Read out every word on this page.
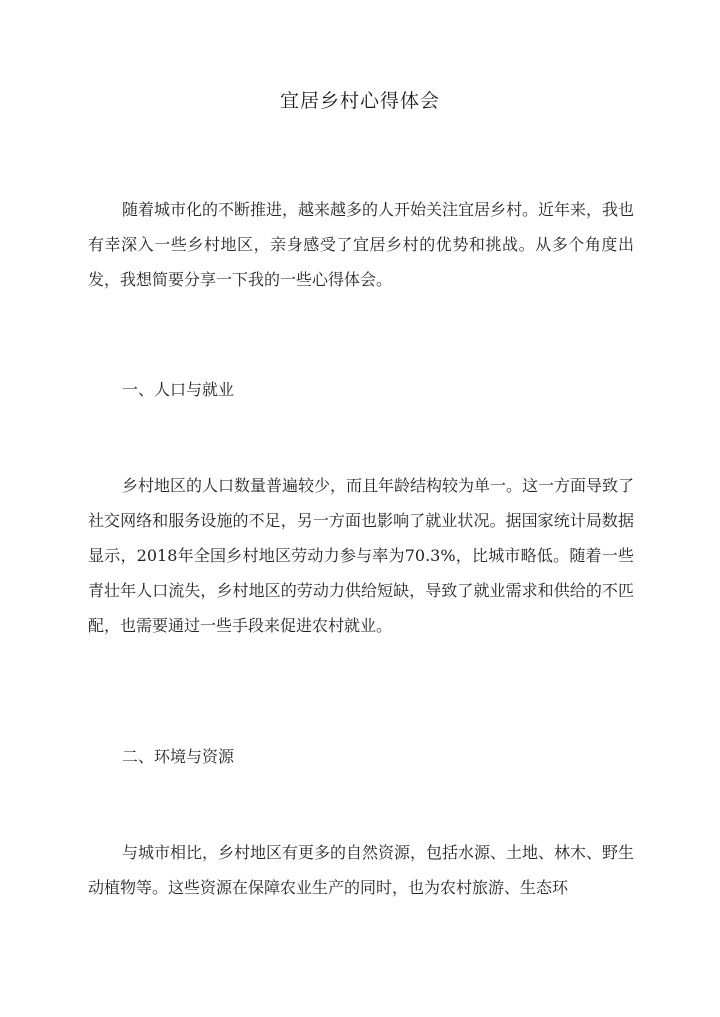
宜居乡村心得体会

随着城市化的不断推进，越来越多的人开始关注宜居乡村。近年来，我也有幸深入一些乡村地区，亲身感受了宜居乡村的优势和挑战。从多个角度出发，我想简要分享一下我的一些心得体会。

一、人口与就业

乡村地区的人口数量普遍较少，而且年龄结构较为单一。这一方面导致了社交网络和服务设施的不足，另一方面也影响了就业状况。据国家统计局数据显示，2018年全国乡村地区劳动力参与率为70.3%，比城市略低。随着一些青壮年人口流失，乡村地区的劳动力供给短缺，导致了就业需求和供给的不匹配，也需要通过一些手段来促进农村就业。

二、环境与资源

与城市相比，乡村地区有更多的自然资源，包括水源、土地、林木、野生动植物等。这些资源在保障农业生产的同时，也为农村旅游、生态环
